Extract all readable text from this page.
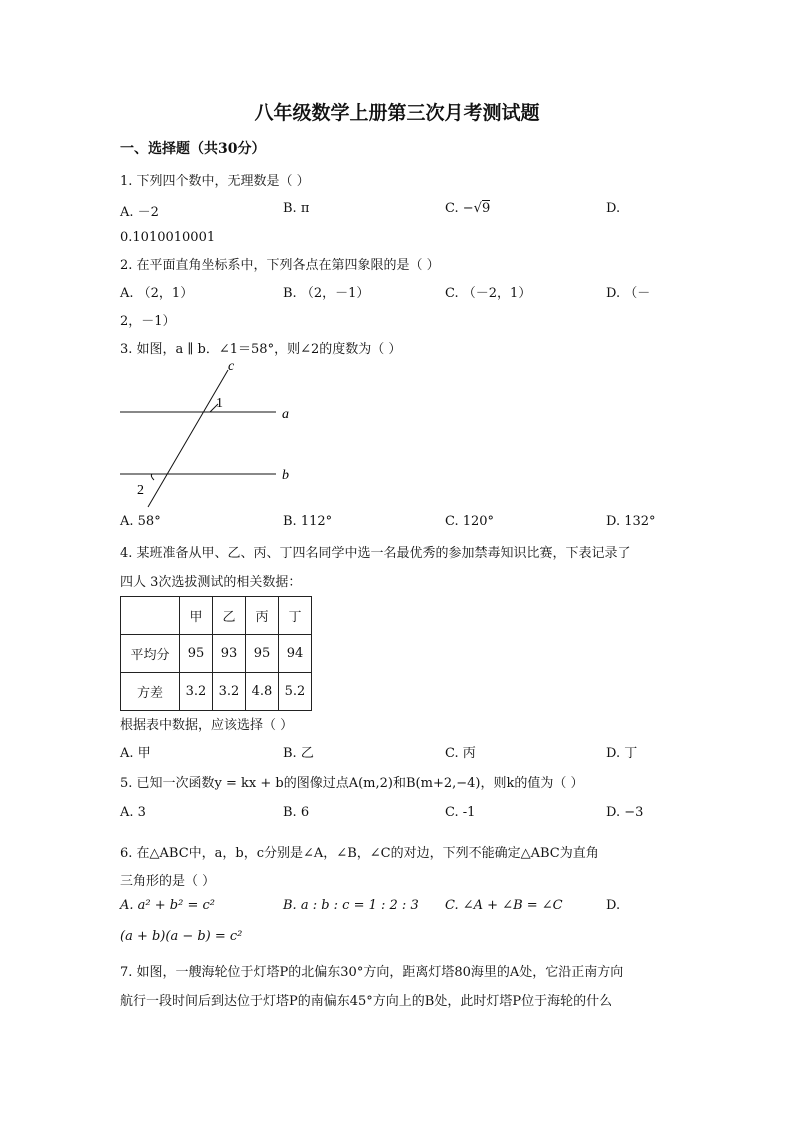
八年级数学上册第三次月考测试题
一、选择题（共30分）
1. 下列四个数中，无理数是（ ）
A. －2	B. π	C. −√9	D.
0.1010010001
2. 在平面直角坐标系中，下列各点在第四象限的是（ ）
A. （2，1）	B. （2，－1）	C. （－2，1）	D. （－
2，－1）
3. 如图，a ∥ b．∠1＝58°，则∠2的度数为（ ）
c
1
a
b
2
A. 58°	B. 112°	C. 120°	D. 132°
4. 某班准备从甲、乙、丙、丁四名同学中选一名最优秀的参加禁毒知识比赛，下表记录了
四人 3次选拔测试的相关数据：
	甲	乙	丙	丁
平均分	95	93	95	94
方差	3.2	3.2	4.8	5.2
根据表中数据，应该选择（ ）
A. 甲	B. 乙	C. 丙	D. 丁
5. 已知一次函数y = kx + b的图像过点A(m,2)和B(m+2,−4)，则k的值为（ ）
A. 3	B. 6	C. -1	D. −3
6. 在△ABC中，a，b，c分别是∠A，∠B，∠C的对边，下列不能确定△ABC为直角
三角形的是（ ）
A. a² + b² = c²	B. a : b : c = 1 : 2 : 3 C. ∠A + ∠B = ∠C	D.
(a + b)(a − b) = c²
7. 如图，一艘海轮位于灯塔P的北偏东30°方向，距离灯塔80海里的A处，它沿正南方向
航行一段时间后到达位于灯塔P的南偏东45°方向上的B处，此时灯塔P位于海轮的什么
